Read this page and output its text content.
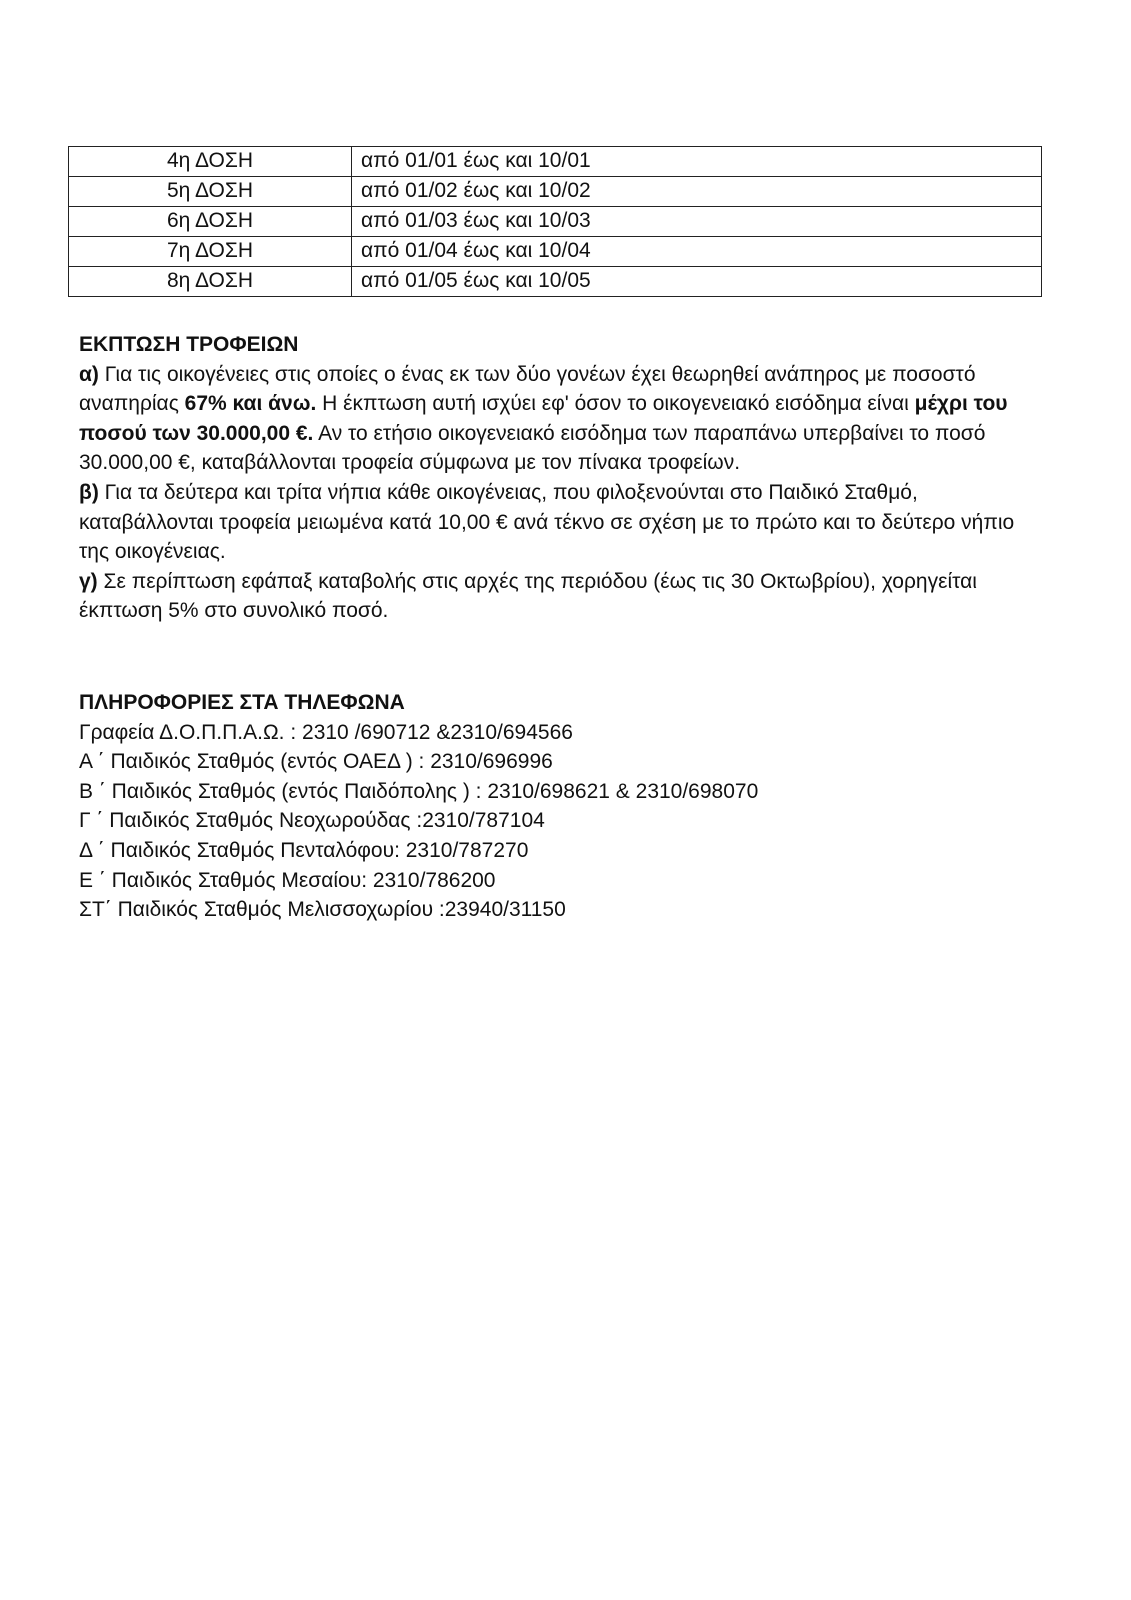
4η ΔΟΣΗ	από 01/01 έως και 10/01
5η ΔΟΣΗ	από 01/02 έως και 10/02
6η ΔΟΣΗ	από 01/03 έως και 10/03
7η ΔΟΣΗ	από 01/04 έως και 10/04
8η ΔΟΣΗ	από 01/05 έως και 10/05
ΕΚΠΤΩΣΗ ΤΡΟΦΕΙΩΝ

α) Για τις οικογένειες στις οποίες ο ένας εκ των δύο γονέων έχει θεωρηθεί ανάπηρος με ποσοστό αναπηρίας 67% και άνω. Η έκπτωση αυτή ισχύει εφ' όσον το οικογενειακό εισόδημα είναι μέχρι του ποσού των 30.000,00 €. Αν το ετήσιο οικογενειακό εισόδημα των παραπάνω υπερβαίνει το ποσό 30.000,00 €, καταβάλλονται τροφεία σύμφωνα με τον πίνακα τροφείων.

β) Για τα δεύτερα και τρίτα νήπια κάθε οικογένειας, που φιλοξενούνται στο Παιδικό Σταθμό, καταβάλλονται τροφεία μειωμένα κατά 10,00 € ανά τέκνο σε σχέση με το πρώτο και το δεύτερο νήπιο της οικογένειας.

γ) Σε περίπτωση εφάπαξ καταβολής στις αρχές της περιόδου (έως τις 30 Οκτωβρίου), χορηγείται έκπτωση 5% στο συνολικό ποσό.

ΠΛΗΡΟΦΟΡΙΕΣ ΣΤΑ ΤΗΛΕΦΩΝΑ
Γραφεία Δ.Ο.Π.Π.Α.Ω. : 2310 /690712 &2310/694566
Α ΄ Παιδικός Σταθμός (εντός ΟΑΕΔ ) : 2310/696996
Β ΄ Παιδικός Σταθμός (εντός Παιδόπολης ) : 2310/698621 & 2310/698070
Γ ΄ Παιδικός Σταθμός Νεοχωρούδας :2310/787104
Δ ΄ Παιδικός Σταθμός Πενταλόφου: 2310/787270
Ε ΄ Παιδικός Σταθμός Μεσαίου: 2310/786200
ΣΤ΄ Παιδικός Σταθμός Μελισσοχωρίου :23940/31150
